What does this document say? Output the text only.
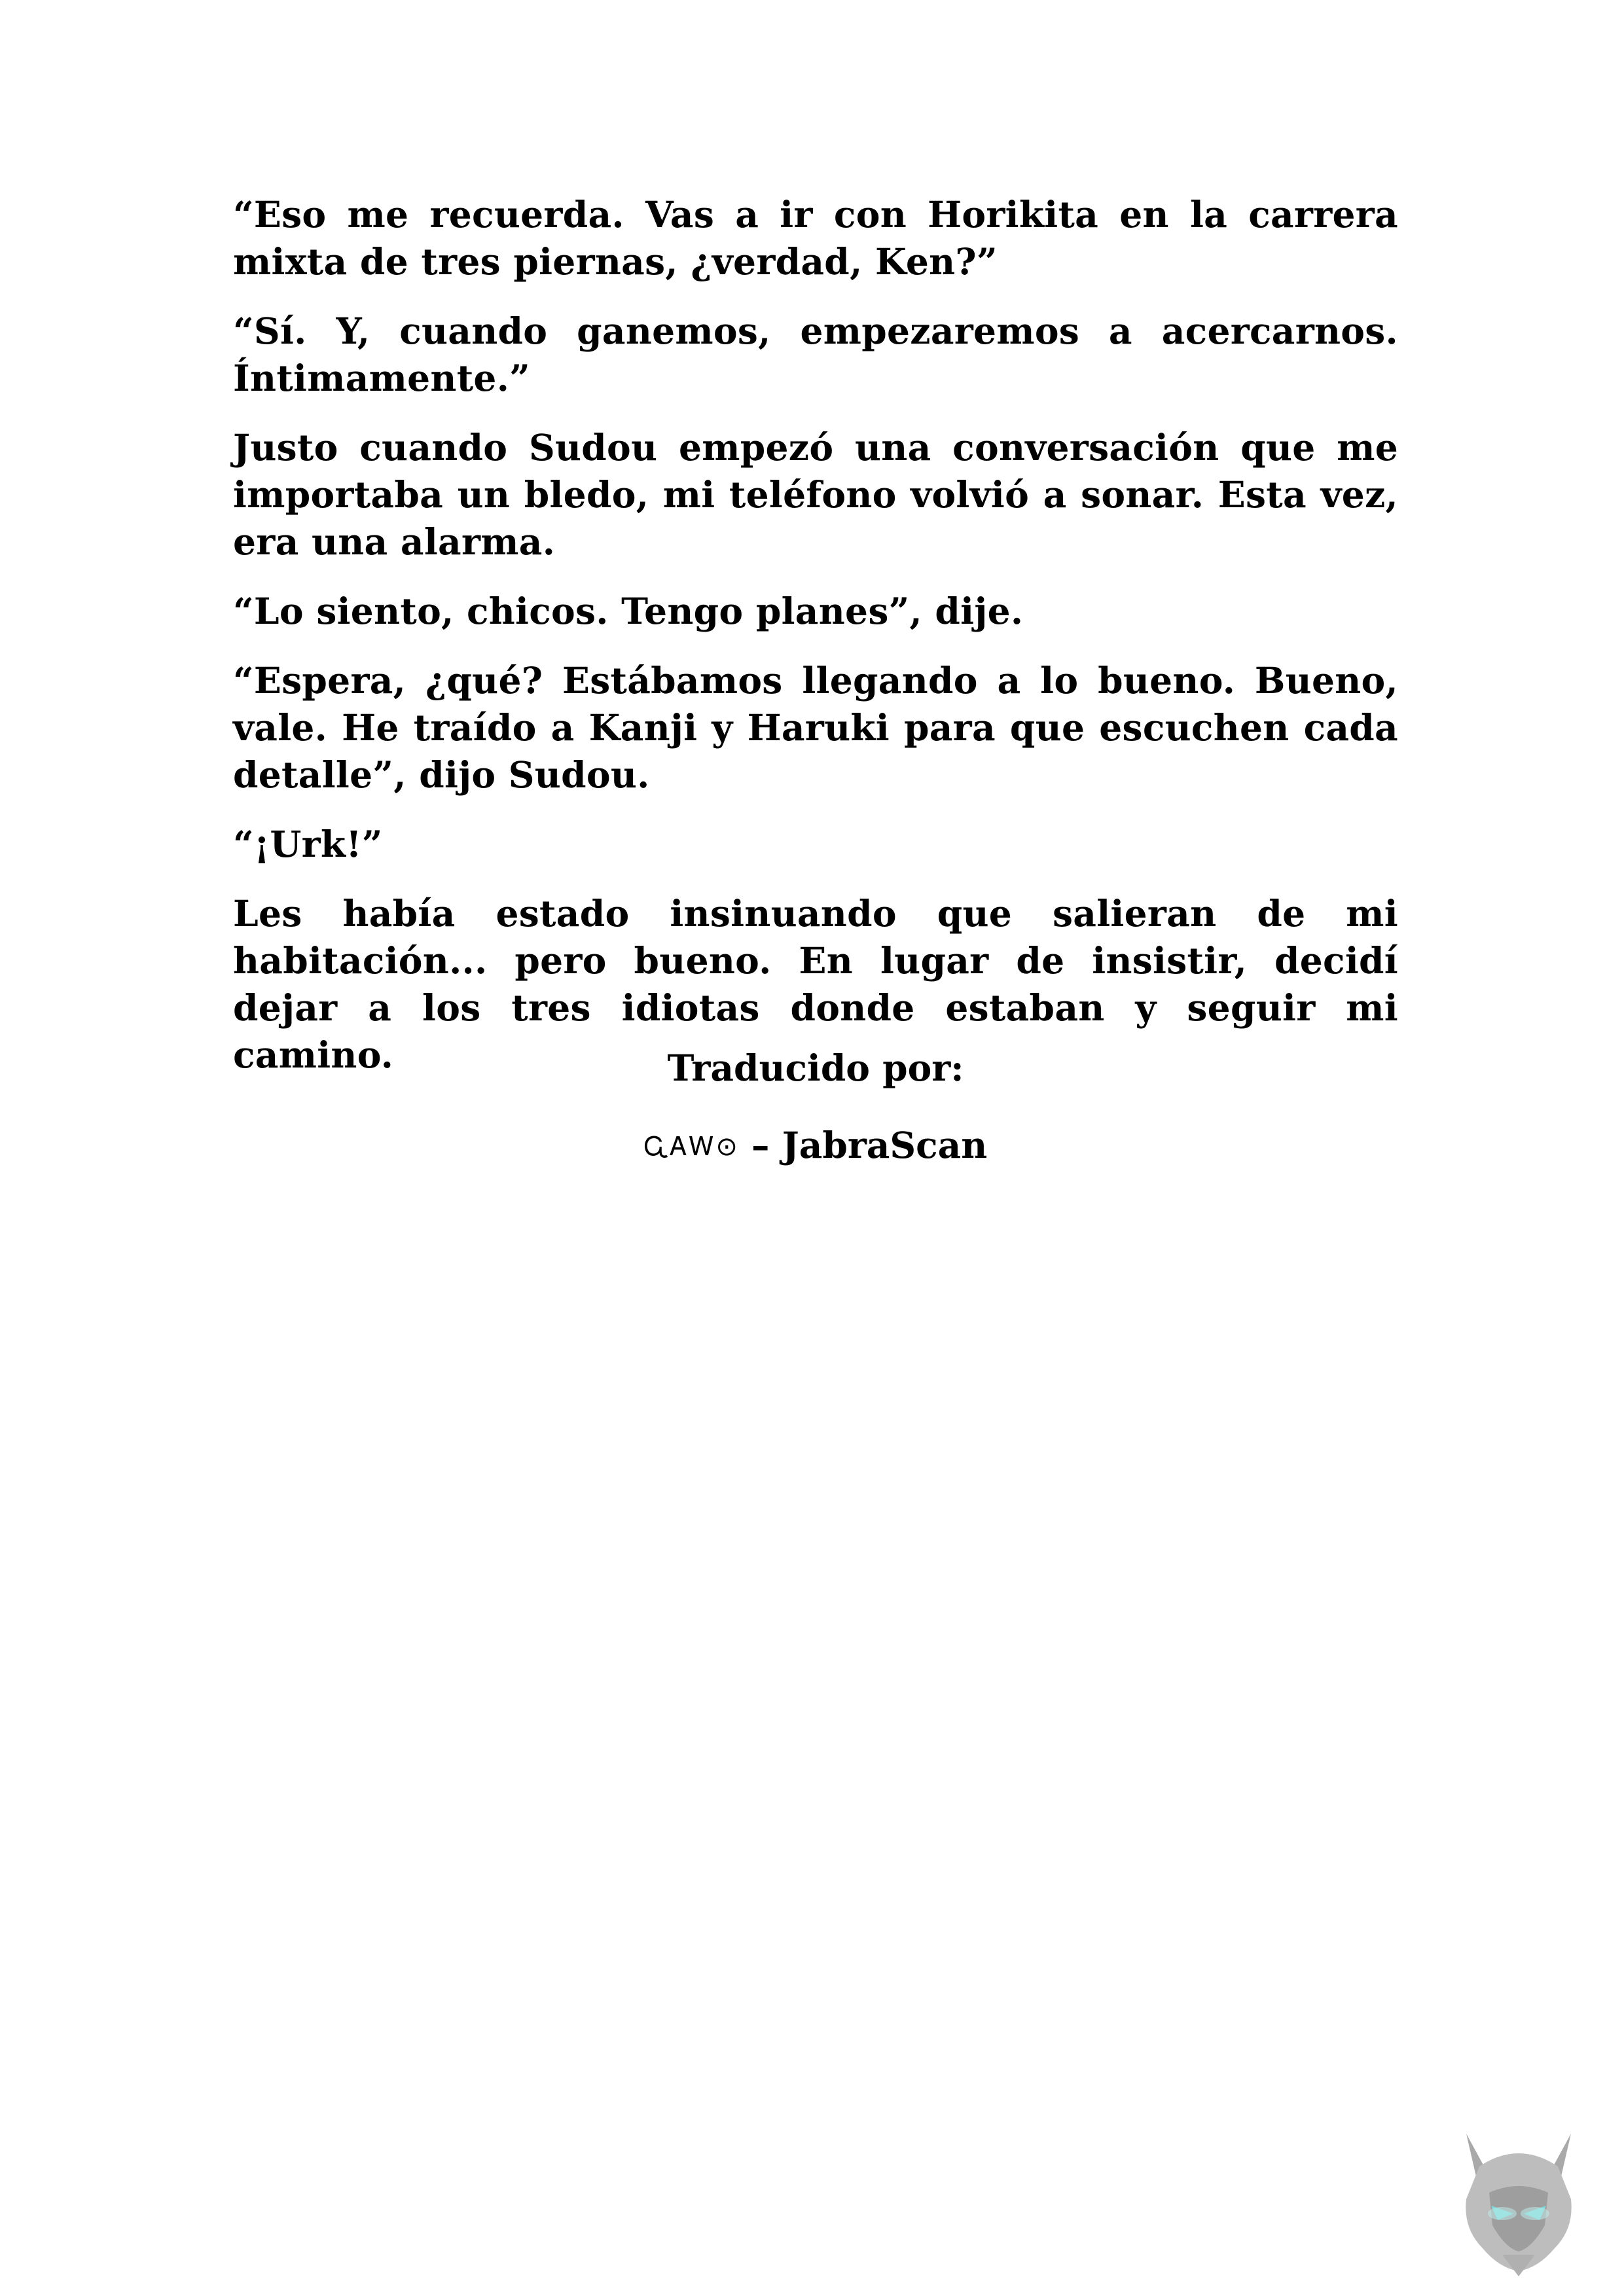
“Eso me recuerda. Vas a ir con Horikita en la carrera mixta de tres piernas, ¿verdad, Ken?”

“Sí. Y, cuando ganemos, empezaremos a acercarnos. Íntimamente.”

Justo cuando Sudou empezó una conversación que me importaba un bledo, mi teléfono volvió a sonar. Esta vez, era una alarma.

“Lo siento, chicos. Tengo planes”, dije.

“Espera, ¿qué? Estábamos llegando a lo bueno. Bueno, vale. He traído a Kanji y Haruki para que escuchen cada detalle”, dijo Sudou.

“¡Urk!”

Les había estado insinuando que salieran de mi habitación... pero bueno. En lugar de insistir, decidí dejar a los tres idiotas donde estaban y seguir mi camino.	Traducido por:

ᏩᎪᎳ⊙ – JabraScan
